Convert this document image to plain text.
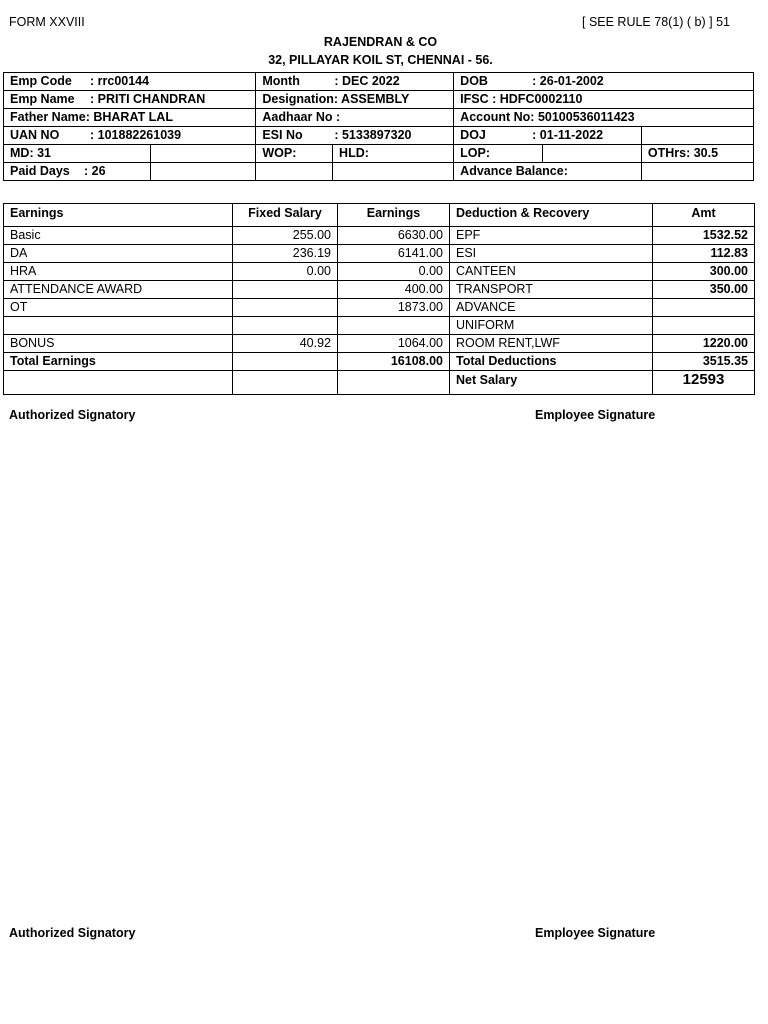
FORM XXVIII	[ SEE RULE 78(1) ( b) ] 51
RAJENDRAN & CO
32, PILLAYAR KOIL ST, CHENNAI - 56.
Emp Code : rrc00144		Month : DEC 2022		DOB : 26-01-2002		
Emp Name : PRITI CHANDRAN		Designation: ASSEMBLY		IFSC : HDFC0002110		
Father Name: BHARAT LAL		Aadhaar No :		Account No: 50100536011423		
UAN NO : 101882261039		ESI No : 5133897320		DOJ : 01-11-2022		
MD: 31		WOP:	HLD:	LOP:		OTHrs: 30.5
Paid Days : 26				Advance Balance:		
Earnings	Fixed Salary	Earnings	Deduction & Recovery	Amt
Basic	255.00	6630.00	EPF	1532.52
DA	236.19	6141.00	ESI	112.83
HRA	0.00	0.00	CANTEEN	300.00
ATTENDANCE AWARD		400.00	TRANSPORT	350.00
OT		1873.00	ADVANCE	
			UNIFORM	
BONUS	40.92	1064.00	ROOM RENT,LWF	1220.00
Total Earnings		16108.00	Total Deductions	3515.35
			Net Salary	12593
Authorized Signatory	Employee Signature
Authorized Signatory	Employee Signature
